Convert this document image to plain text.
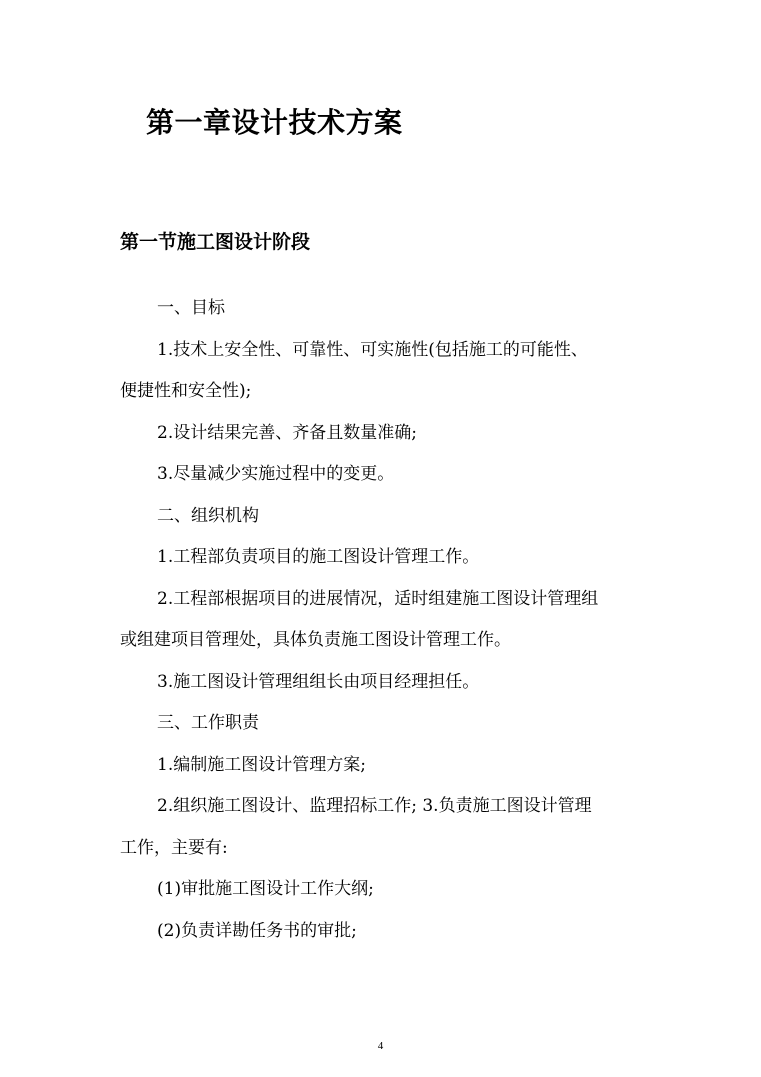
第一章设计技术方案
第一节施工图设计阶段
一、目标
1.技术上安全性、可靠性、可实施性(包括施工的可能性、
便捷性和安全性);
2.设计结果完善、齐备且数量准确;
3.尽量减少实施过程中的变更。
二、组织机构
1.工程部负责项目的施工图设计管理工作。
2.工程部根据项目的进展情况，适时组建施工图设计管理组
或组建项目管理处，具体负责施工图设计管理工作。
3.施工图设计管理组组长由项目经理担任。
三、工作职责
1.编制施工图设计管理方案;
2.组织施工图设计、监理招标工作; 3.负责施工图设计管理
工作，主要有:
(1)审批施工图设计工作大纲;
(2)负责详勘任务书的审批;
4
